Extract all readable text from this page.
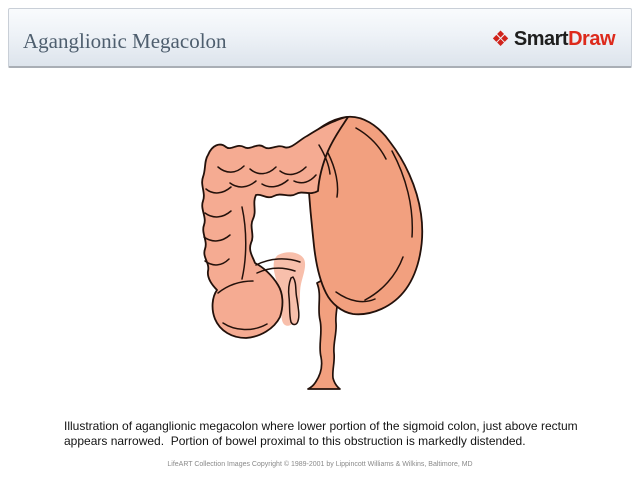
Aganglionic Megacolon	❖ SmartDraw
Illustration of aganglionic megacolon where lower portion of the sigmoid colon, just above rectum appears narrowed.  Portion of bowel proximal to this obstruction is markedly distended.
LifeART Collection Images Copyright © 1989-2001 by Lippincott Williams & Wilkins, Baltimore, MD
